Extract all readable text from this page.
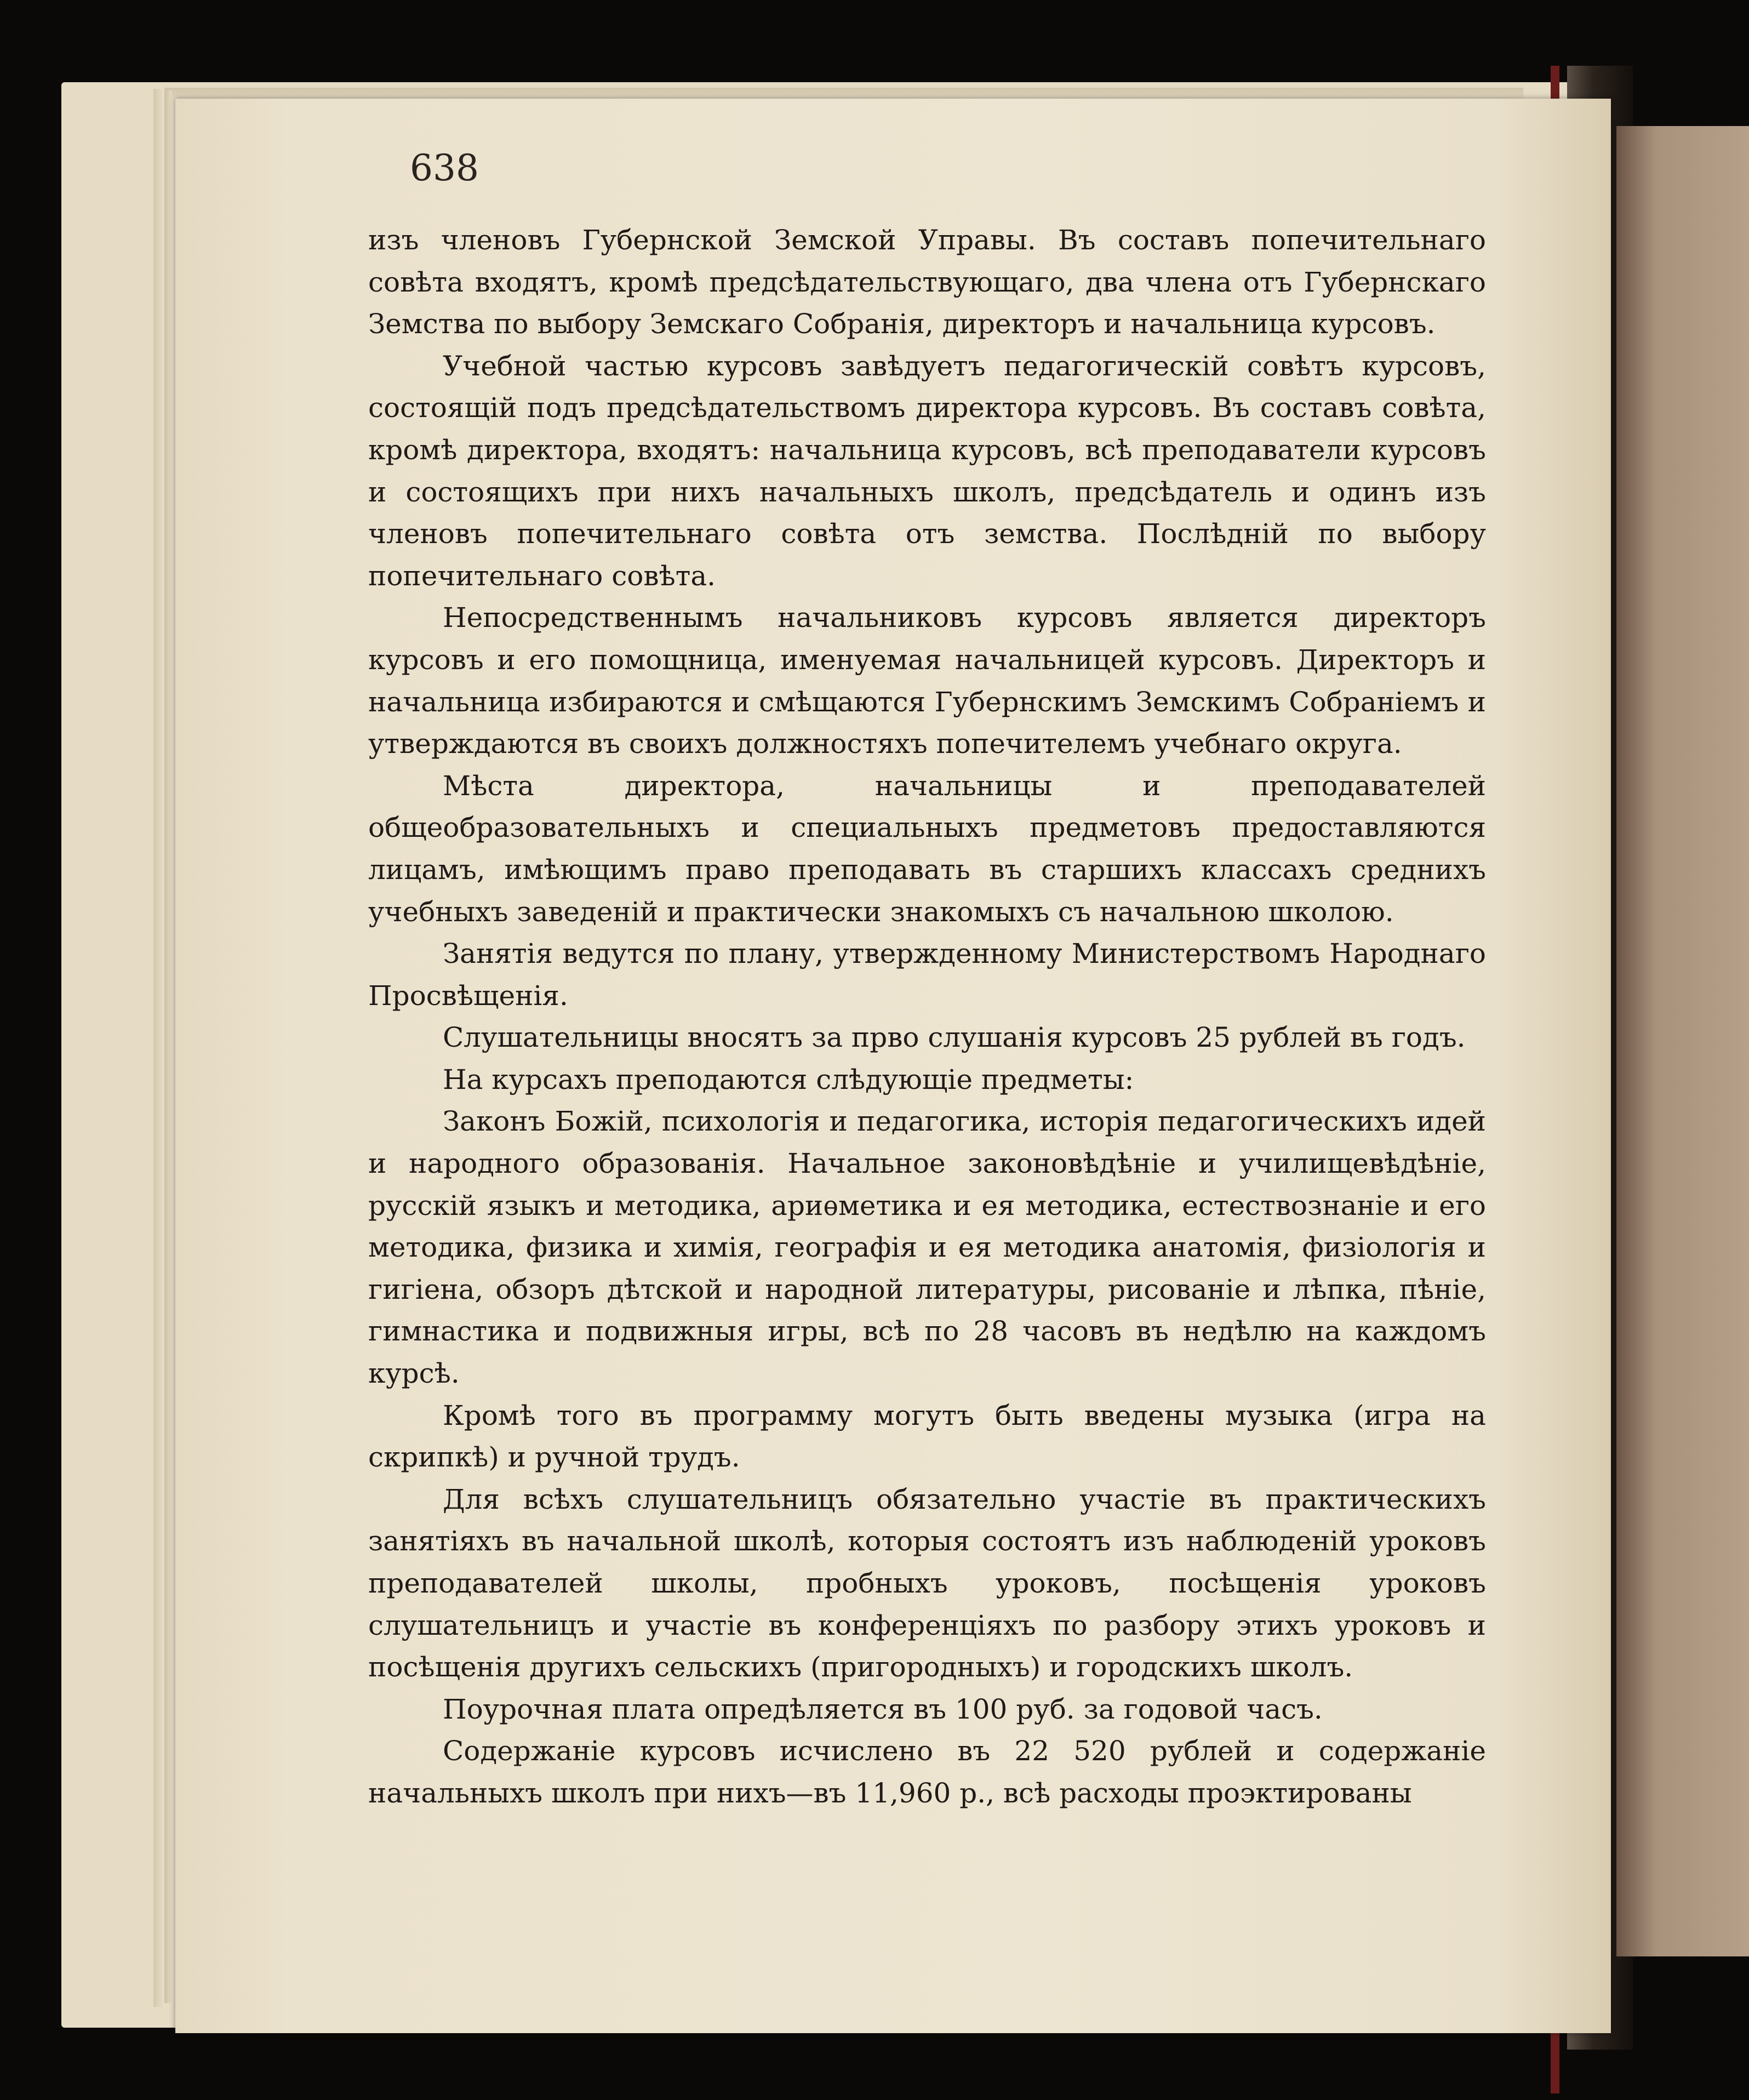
638

изъ членовъ Губернской Земской Управы. Въ составъ попечительнаго совѣта входятъ, кромѣ предсѣдательствующаго, два члена отъ Губернскаго Земства по выбору Земскаго Собранія, директоръ и начальница курсовъ.

Учебной частью курсовъ завѣдуетъ педагогическій совѣтъ курсовъ, состоящій подъ предсѣдательствомъ директора курсовъ. Въ составъ совѣта, кромѣ директора, входятъ: начальница курсовъ, всѣ преподаватели курсовъ и состоящихъ при нихъ начальныхъ школъ, предсѣдатель и одинъ изъ членовъ попечительнаго совѣта отъ земства. Послѣдній по выбору попечительнаго совѣта.

Непосредственнымъ начальниковъ курсовъ является директоръ курсовъ и его помощница, именуемая начальницей курсовъ. Директоръ и начальница избираются и смѣщаются Губернскимъ Земскимъ Собраніемъ и утверждаются въ своихъ должностяхъ попечителемъ учебнаго округа.

Мѣста директора, начальницы и преподавателей общеобразовательныхъ и специальныхъ предметовъ предоставляются лицамъ, имѣющимъ право преподавать въ старшихъ классахъ среднихъ учебныхъ заведеній и практически знакомыхъ съ начальною школою.

Занятія ведутся по плану, утвержденному Министерствомъ Народнаго Просвѣщенія.

Слушательницы вносятъ за прво слушанія курсовъ 25 рублей въ годъ.

На курсахъ преподаются слѣдующіе предметы:

Законъ Божій, психологія и педагогика, исторія педагогическихъ идей и народного образованія. Начальное законовѣдѣніе и училищевѣдѣніе, русскій языкъ и методика, ариѳметика и ея методика, естествознаніе и его методика, физика и химія, географія и ея методика анатомія, физіологія и гигіена, обзоръ дѣтской и народной литературы, рисованіе и лѣпка, пѣніе, гимнастика и подвижныя игры, всѣ по 28 часовъ въ недѣлю на каждомъ курсѣ.

Кромѣ того въ программу могутъ быть введены музыка (игра на скрипкѣ) и ручной трудъ.

Для всѣхъ слушательницъ обязательно участіе въ практическихъ занятіяхъ въ начальной школѣ, которыя состоятъ изъ наблюденій уроковъ преподавателей школы, пробныхъ уроковъ, посѣщенія уроковъ слушательницъ и участіе въ конференціяхъ по разбору этихъ уроковъ и посѣщенія другихъ сельскихъ (пригородныхъ) и городскихъ школъ.

Поурочная плата опредѣляется въ 100 руб. за годовой часъ.

Содержаніе курсовъ исчислено въ 22 520 рублей и содержаніе начальныхъ школъ при нихъ—въ 11,960 р., всѣ расходы проэктированы
